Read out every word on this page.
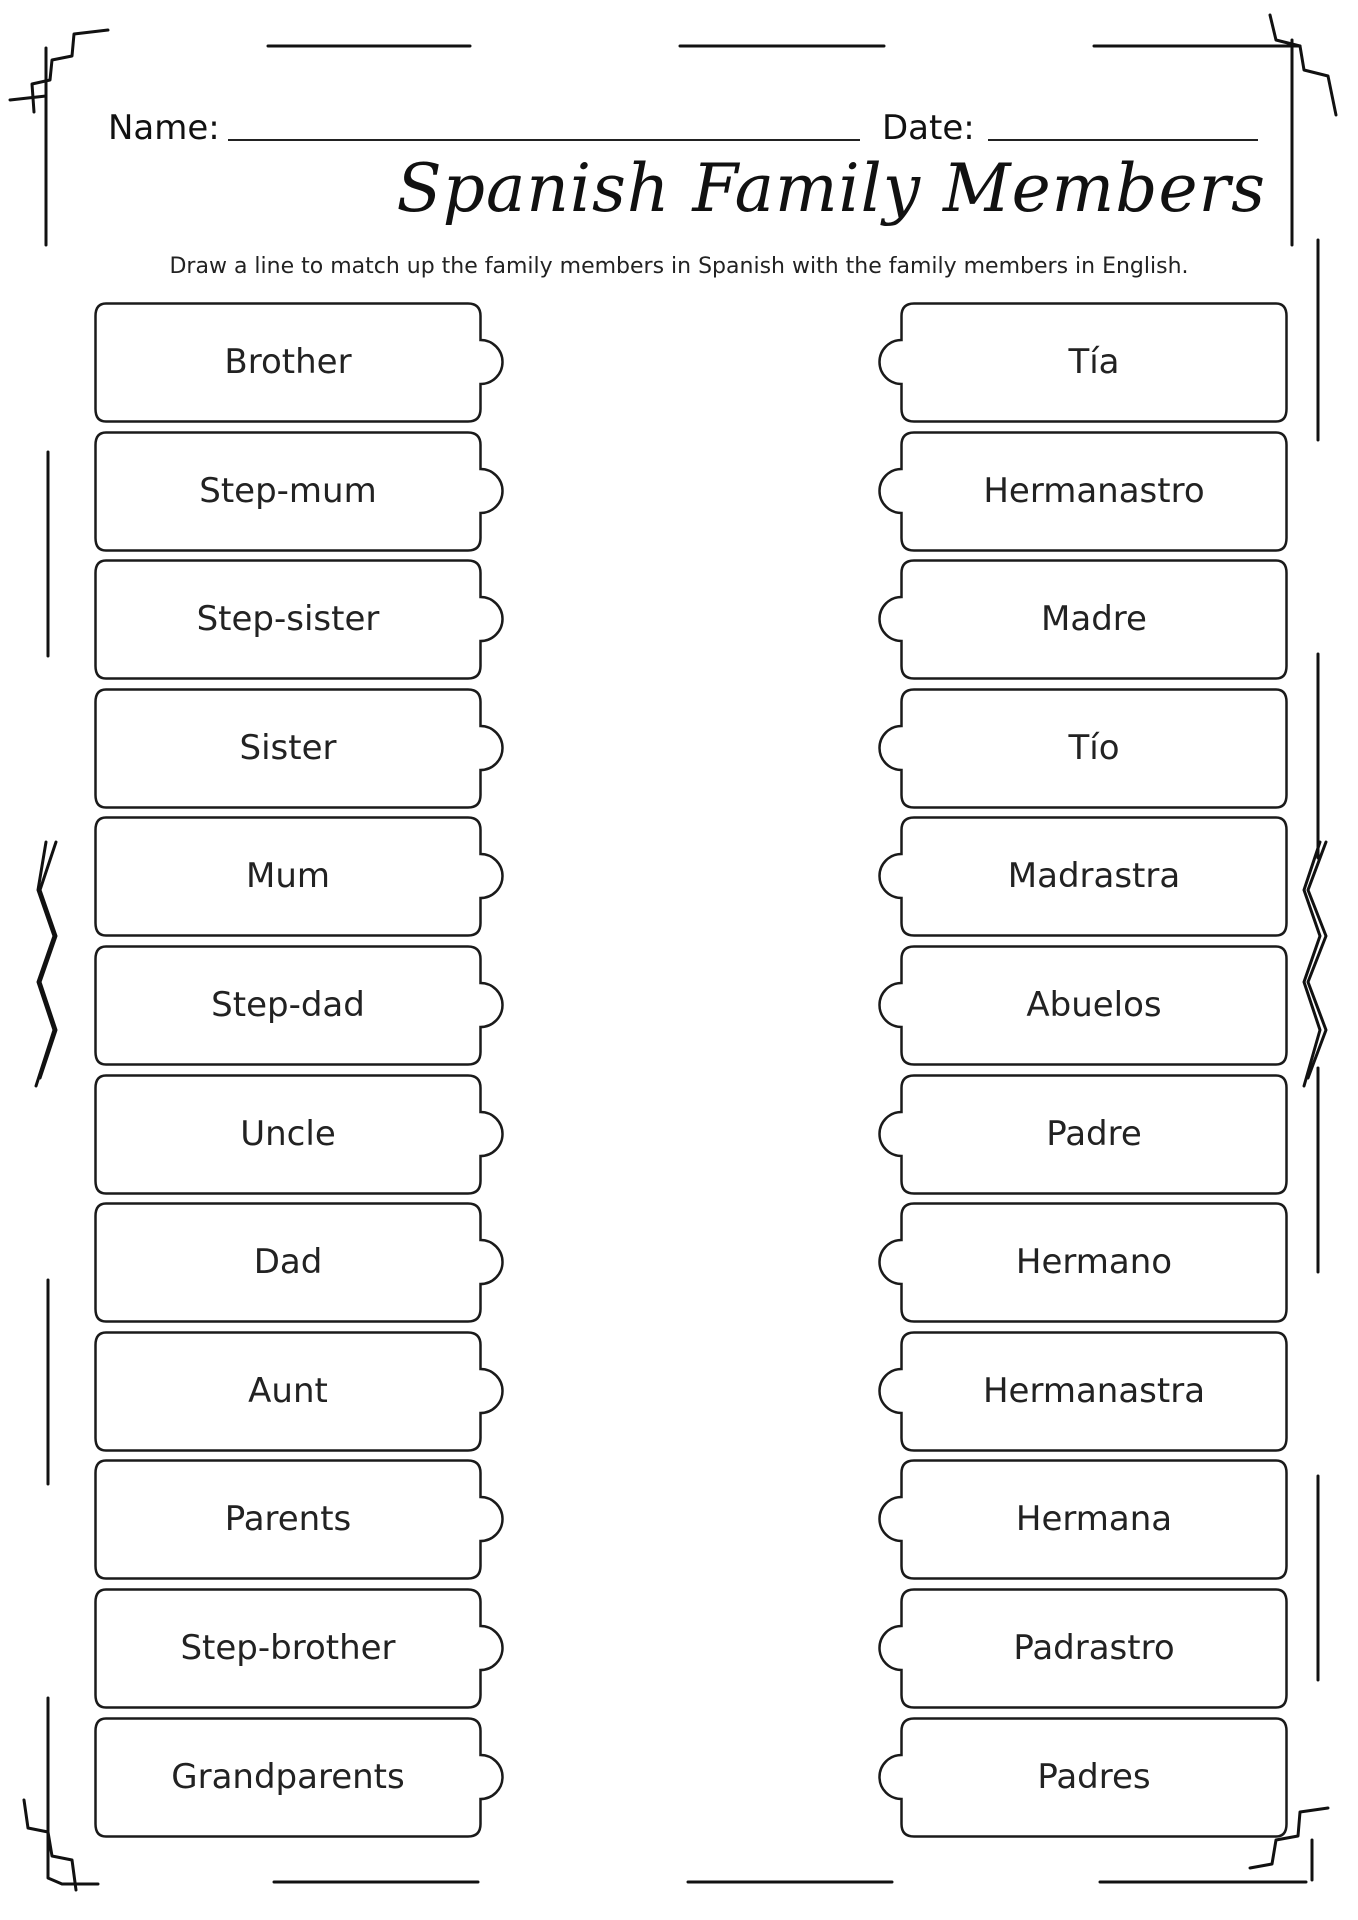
Name:	Date:
Spanish Family Members
Draw a line to match up the family members in Spanish with the family members in English.
Brother
Step-mum
Step-sister
Sister
Mum
Step-dad
Uncle
Dad
Aunt
Parents
Step-brother
Grandparents
Tía
Hermanastro
Madre
Tío
Madrastra
Abuelos
Padre
Hermano
Hermanastra
Hermana
Padrastro
Padres
